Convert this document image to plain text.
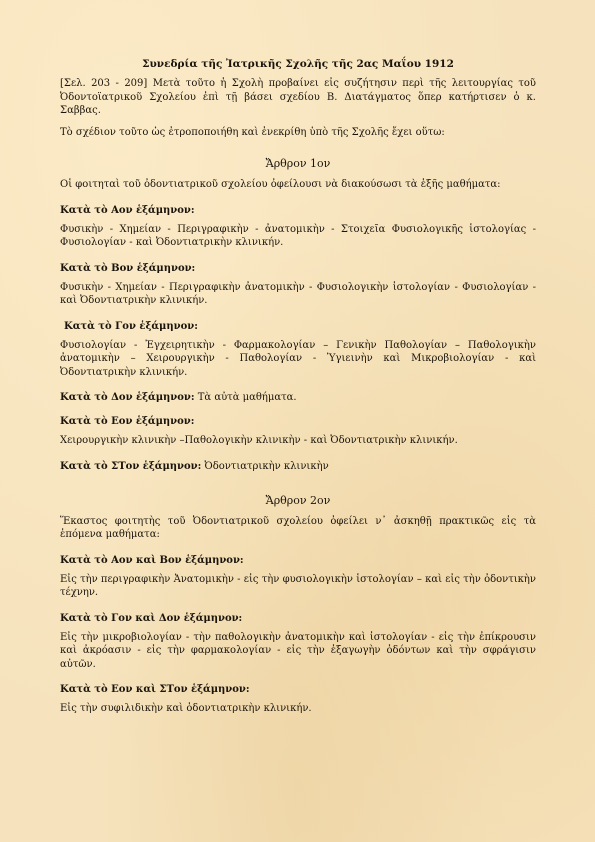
Συνεδρία τῆς Ἰατρικῆς Σχολῆς τῆς 2ας Μαΐου 1912

[Σελ. 203 - 209] Μετὰ τοῦτο ἡ Σχολὴ προβαίνει εἰς συζήτησιν περὶ τῆς λειτουργίας τοῦ Ὀδοντοϊατρικοῦ Σχολείου ἐπὶ τῇ βάσει σχεδίου Β. Διατάγματος ὅπερ κατήρτισεν ὁ κ. Σαββας.

Τὸ σχέδιον τοῦτο ὡς ἐτροποποιήθη καὶ ἐνεκρίθη ὑπὸ τῆς Σχολῆς ἔχει οὕτω:

Ἄρθρον 1ον

Οἱ φοιτηταὶ τοῦ ὀδοντιατρικοῦ σχολείου ὀφείλουσι νὰ διακούσωσι τὰ ἑξῆς μαθήματα:

Κατὰ τὸ Αον ἑξάμηνον:

Φυσικὴν - Χημείαν - Περιγραφικὴν - ἀνατομικὴν - Στοιχεῖα Φυσιολογικῆς ἱστολογίας - Φυσιολογίαν - καὶ Ὀδοντιατρικὴν κλινικήν.

Κατὰ τὸ Βον ἑξάμηνον:

Φυσικὴν - Χημείαν - Περιγραφικὴν ἀνατομικὴν - Φυσιολογικὴν ἱστολογίαν - Φυσιολογίαν - καὶ Ὀδοντιατρικὴν κλινικήν.

Κατὰ τὸ Γον ἑξάμηνον:

Φυσιολογίαν - Ἐγχειρητικὴν - Φαρμακολογίαν – Γενικὴν Παθολογίαν – Παθολογικὴν ἀνατομικὴν – Χειρουργικὴν - Παθολογίαν - Ὑγιεινὴν καὶ Μικροβιολογίαν - καὶ Ὀδοντιατρικὴν κλινικήν.

Κατὰ τὸ Δον ἑξάμηνον: Τὰ αὐτὰ μαθήματα.
Κατὰ τὸ Εον ἑξάμηνον:

Χειρουργικὴν κλινικὴν –Παθολογικὴν κλινικὴν - καὶ Ὀδοντιατρικὴν κλινικήν.

Κατὰ τὸ ΣΤον ἑξάμηνον: Ὀδοντιατρικὴν κλινικὴν
Ἄρθρον 2ον

Ἕκαστος φοιτητὴς τοῦ Ὀδοντιατρικοῦ σχολείου ὀφείλει ν᾽ ἀσκηθῇ πρακτικῶς εἰς τὰ ἑπόμενα μαθήματα:

Κατὰ τὸ Αον καὶ Βον ἑξάμηνον:

Εἰς τὴν περιγραφικὴν Ἀνατομικὴν - εἰς τὴν φυσιολογικὴν ἱστολογίαν – καὶ εἰς τὴν ὀδοντικὴν τέχνην.

Κατὰ τὸ Γον καὶ Δον ἑξάμηνον:

Εἰς τὴν μικροβιολογίαν - τὴν παθολογικὴν ἀνατομικὴν καὶ ἱστολογίαν - εἰς τὴν ἐπίκρουσιν καὶ ἀκρόασιν - εἰς τὴν φαρμακολογίαν - εἰς τὴν ἐξαγωγὴν ὀδόντων καὶ τὴν σφράγισιν αὐτῶν.

Κατὰ τὸ Εον καὶ ΣΤον ἑξάμηνον:

Εἰς τὴν συφιλιδικὴν καὶ ὀδοντιατρικὴν κλινικήν.
